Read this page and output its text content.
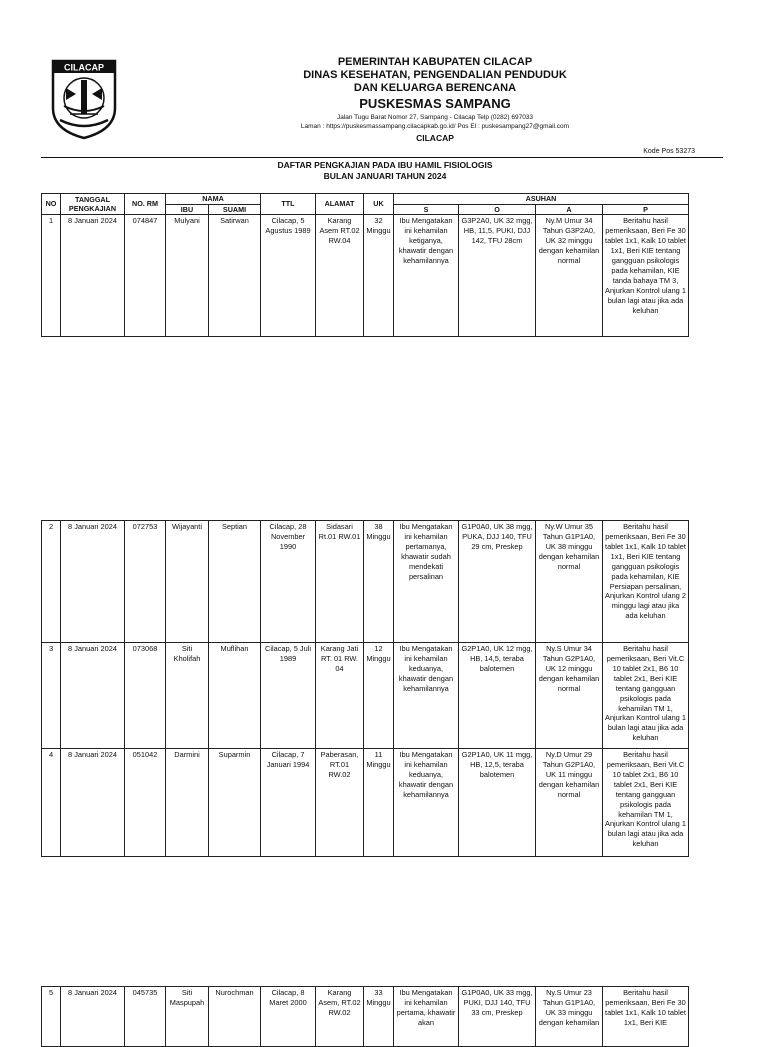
CILACAP	PEMERINTAH KABUPATEN CILACAP
DINAS KESEHATAN, PENGENDALIAN PENDUDUK
DAN KELUARGA BERENCANA
PUSKESMAS SAMPANG
Jalan Tugu Barat Nomor 27, Sampang - Cilacap Telp (0282) 697033
Laman : https://puskesmassampang.cilacapkab.go.id/ Pos El : puskesampang27@gmail.com
CILACAP
Kode Pos 53273
DAFTAR PENGKAJIAN PADA IBU HAMIL FISIOLOGIS
BULAN JANUARI TAHUN 2024
NO	TANGGAL PENGKAJIAN	NO. RM	NAMA		TTL	ALAMAT	UK	ASUHAN			
			IBU	SUAMI				S	O	A	P
1	8 Januari 2024	074847	Mulyani	Satirwan	Cilacap, 5 Agustus 1989	Karang Asem RT.02 RW.04	32 Minggu	Ibu Mengatakan ini kehamilan ketiganya, khawatir dengan kehamilannya	G3P2A0, UK 32 mgg, HB, 11,5, PUKI, DJJ 142, TFU 28cm	Ny.M Umur 34 Tahun G3P2A0, UK 32 minggu dengan kehamilan normal	Beritahu hasil pemeriksaan, Beri Fe 30 tablet 1x1, Kalk 10 tablet 1x1, Beri KIE tentang gangguan psikologis pada kehamilan, KIE tanda bahaya TM 3, Anjurkan Kontrol ulang 1 bulan lagi atau jika ada keluhan
2	8 Januari 2024	072753	Wijayanti	Septian	Cilacap, 28 November 1990	Sidasari Rt.01 RW.01	38 Minggu	Ibu Mengatakan ini kehamilan pertamanya, khawatir sudah mendekati persalinan	G1P0A0, UK 38 mgg, PUKA, DJJ 140, TFU 29 cm, Preskep	Ny.W Umur 35 Tahun G1P1A0, UK 38 minggu dengan kehamilan normal	Beritahu hasil pemeriksaan, Beri Fe 30 tablet 1x1, Kalk 10 tablet 1x1, Beri KIE tentang gangguan psikologis pada kehamilan, KIE Persiapan persalinan, Anjurkan Kontrol ulang 2 minggu lagi atau jika ada keluhan
3	8 Januari 2024	073068	Siti Kholifah	Muflihan	Cilacap, 5 Juli 1989	Karang Jati RT. 01 RW. 04	12 Minggu	Ibu Mengatakan ini kehamilan keduanya, khawatir dengan kehamilannya	G2P1A0, UK 12 mgg, HB, 14,5, teraba balotemen	Ny.S Umur 34 Tahun G2P1A0, UK 12 minggu dengan kehamilan normal	Beritahu hasil pemeriksaan, Beri Vit.C 10 tablet 2x1, B6 10 tablet 2x1, Beri KIE tentang gangguan psikologis pada kehamilan TM 1, Anjurkan Kontrol ulang 1 bulan lagi atau jika ada keluhan
4	8 Januari 2024	051042	Darmini	Suparmin	Cilacap, 7 Januari 1994	Paberasan, RT.01 RW.02	11 Minggu	Ibu Mengatakan ini kehamilan keduanya, khawatir dengan kehamilannya	G2P1A0, UK 11 mgg, HB, 12,5, teraba balotemen	Ny.D Umur 29 Tahun G2P1A0, UK 11 minggu dengan kehamilan normal	Beritahu hasil pemeriksaan, Beri Vit.C 10 tablet 2x1, B6 10 tablet 2x1, Beri KIE tentang gangguan psikologis pada kehamilan TM 1, Anjurkan Kontrol ulang 1 bulan lagi atau jika ada keluhan
5	8 Januari 2024	045735	Siti Maspupah	Nurochman	Cilacap, 8 Maret 2000	Karang Asem, RT.02 RW.02	33 Minggu	Ibu Mengatakan ini kehamilan pertama, khawatir akan	G1P0A0, UK 33 mgg, PUKI, DJJ 140, TFU 33 cm, Preskep	Ny.S Umur 23 Tahun G1P1A0, UK 33 minggu dengan kehamilan	Beritahu hasil pemeriksaan, Beri Fe 30 tablet 1x1, Kalk 10 tablet 1x1, Beri KIE
